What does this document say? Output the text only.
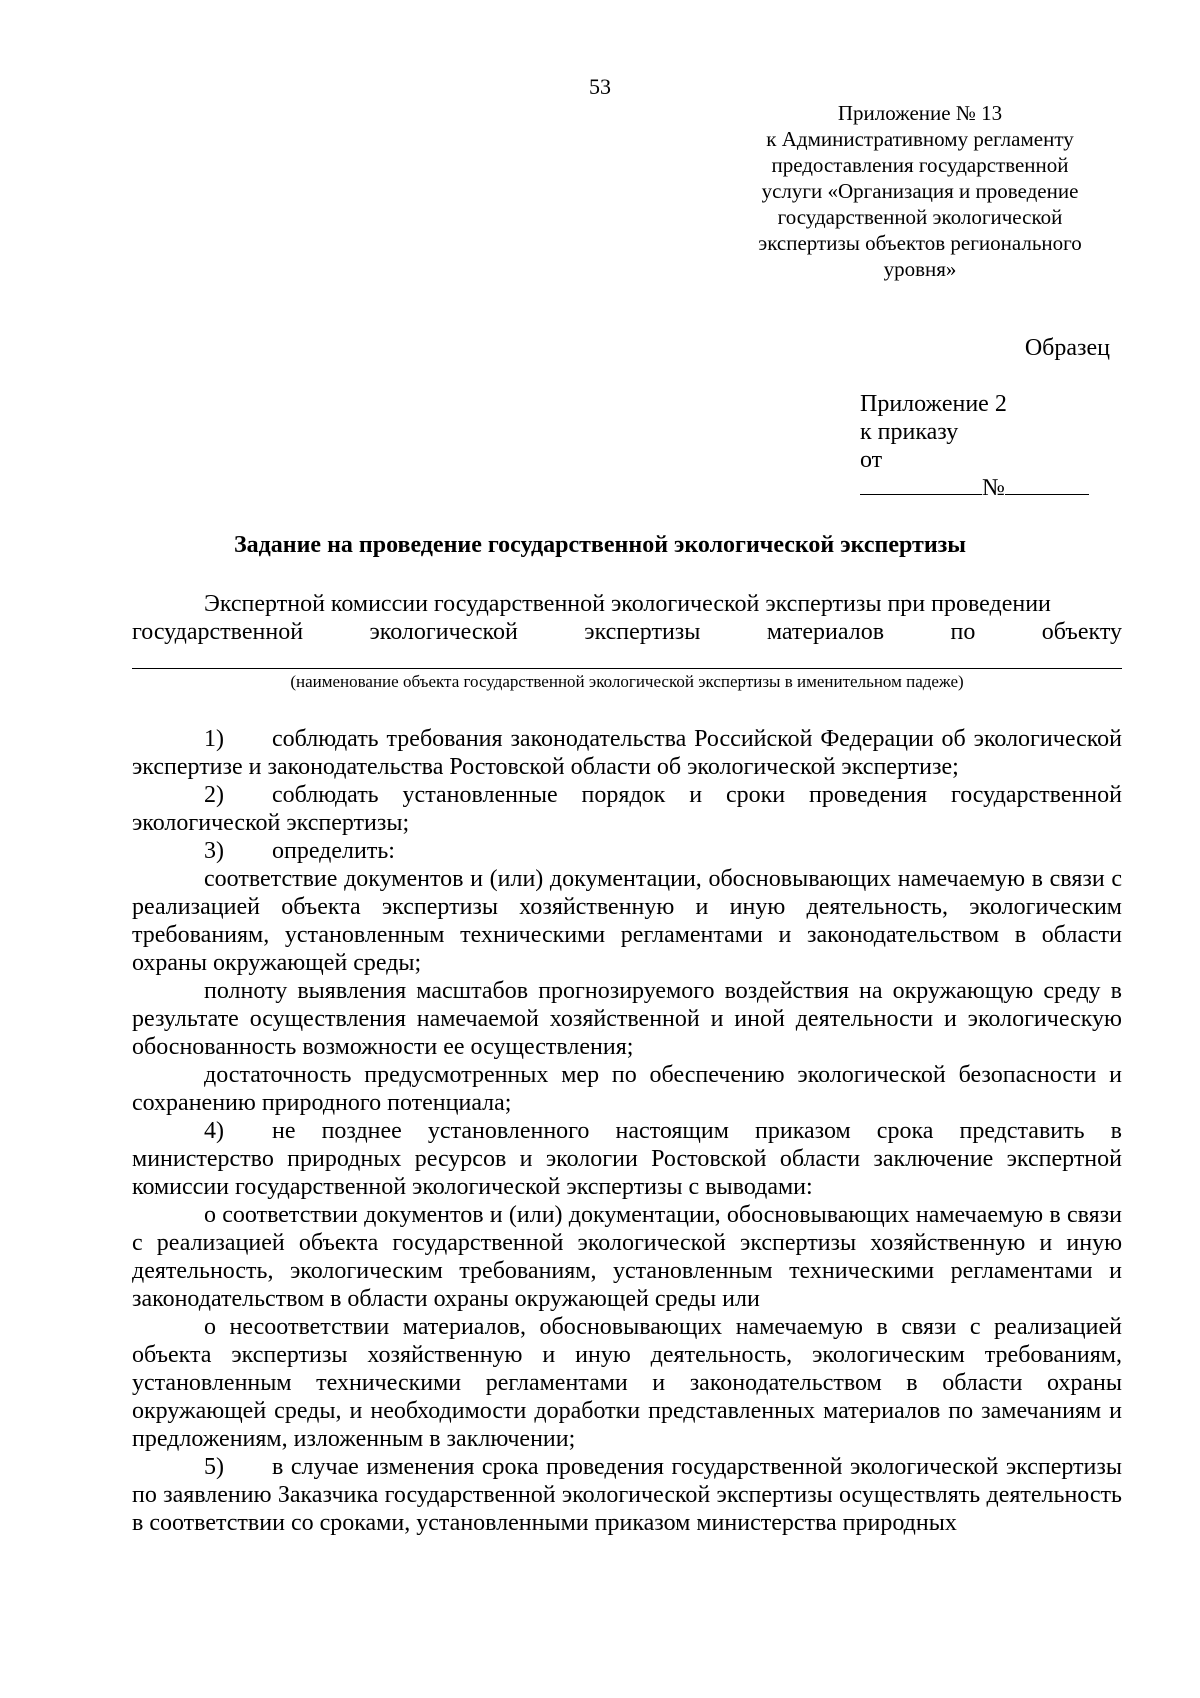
53
Приложение № 13
к Административному регламенту
предоставления государственной
услуги «Организация и проведение
государственной экологической
экспертизы объектов регионального
уровня»
Образец
Приложение 2
к приказу
от
№
Задание на проведение государственной экологической экспертизы

Экспертной комиссии государственной экологической экспертизы при проведении

государственной экологической экспертизы материалов по объекту

(наименование объекта государственной экологической экспертизы в именительном падеже)

1) соблюдать требования законодательства Российской Федерации об экологической экспертизе и законодательства Ростовской области об экологической экспертизе;

2) соблюдать установленные порядок и сроки проведения государственной экологической экспертизы;

3) определить:

соответствие документов и (или) документации, обосновывающих намечаемую в связи с реализацией объекта экспертизы хозяйственную и иную деятельность, экологическим требованиям, установленным техническими регламентами и законодательством в области охраны окружающей среды;

полноту выявления масштабов прогнозируемого воздействия на окружающую среду в результате осуществления намечаемой хозяйственной и иной деятельности и экологическую обоснованность возможности ее осуществления;

достаточность предусмотренных мер по обеспечению экологической безопасности и сохранению природного потенциала;

4) не позднее установленного настоящим приказом срока представить в министерство природных ресурсов и экологии Ростовской области заключение экспертной комиссии государственной экологической экспертизы с выводами:

о соответствии документов и (или) документации, обосновывающих намечаемую в связи с реализацией объекта государственной экологической экспертизы хозяйственную и иную деятельность, экологическим требованиям, установленным техническими регламентами и законодательством в области охраны окружающей среды или

о несоответствии материалов, обосновывающих намечаемую в связи с реализацией объекта экспертизы хозяйственную и иную деятельность, экологическим требованиям, установленным техническими регламентами и законодательством в области охраны окружающей среды, и необходимости доработки представленных материалов по замечаниям и предложениям, изложенным в заключении;

5) в случае изменения срока проведения государственной экологической экспертизы по заявлению Заказчика государственной экологической экспертизы осуществлять деятельность в соответствии со сроками, установленными приказом министерства природных
